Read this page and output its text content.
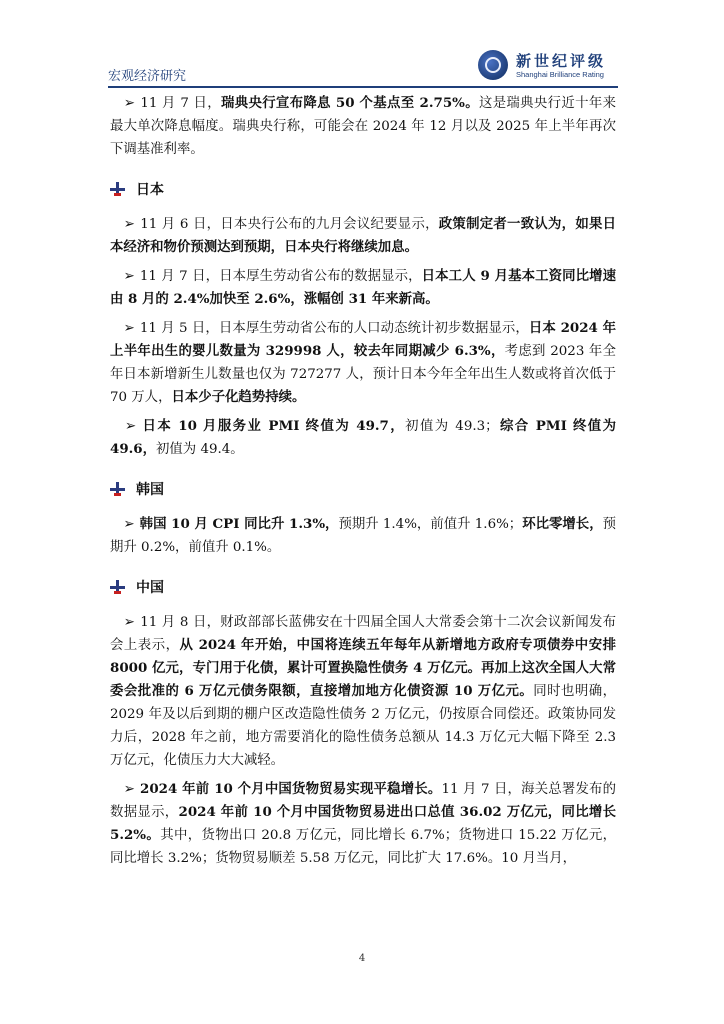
宏观经济研究
新世纪评级
Shanghai Brilliance Rating

　➢ 11 月 7 日，瑞典央行宣布降息 50 个基点至 2.75%。这是瑞典央行近十年来最大单次降息幅度。瑞典央行称，可能会在 2024 年 12 月以及 2025 年上半年再次下调基准利率。

日本

　➢ 11 月 6 日，日本央行公布的九月会议纪要显示，政策制定者一致认为，如果日本经济和物价预测达到预期，日本央行将继续加息。

　➢ 11 月 7 日，日本厚生劳动省公布的数据显示，日本工人 9 月基本工资同比增速由 8 月的 2.4%加快至 2.6%，涨幅创 31 年来新高。

　➢ 11 月 5 日，日本厚生劳动省公布的人口动态统计初步数据显示，日本 2024 年上半年出生的婴儿数量为 329998 人，较去年同期减少 6.3%，考虑到 2023 年全年日本新增新生儿数量也仅为 727277 人，预计日本今年全年出生人数或将首次低于 70 万人，日本少子化趋势持续。

　➢ 日本 10 月服务业 PMI 终值为 49.7，初值为 49.3；综合 PMI 终值为 49.6，初值为 49.4。

韩国

　➢ 韩国 10 月 CPI 同比升 1.3%，预期升 1.4%，前值升 1.6%；环比零增长，预期升 0.2%，前值升 0.1%。

中国

　➢ 11 月 8 日，财政部部长蓝佛安在十四届全国人大常委会第十二次会议新闻发布会上表示，从 2024 年开始，中国将连续五年每年从新增地方政府专项债券中安排 8000 亿元，专门用于化债，累计可置换隐性债务 4 万亿元。再加上这次全国人大常委会批准的 6 万亿元债务限额，直接增加地方化债资源 10 万亿元。同时也明确，2029 年及以后到期的棚户区改造隐性债务 2 万亿元，仍按原合同偿还。政策协同发力后，2028 年之前，地方需要消化的隐性债务总额从 14.3 万亿元大幅下降至 2.3 万亿元，化债压力大大减轻。

　➢ 2024 年前 10 个月中国货物贸易实现平稳增长。11 月 7 日，海关总署发布的数据显示，2024 年前 10 个月中国货物贸易进出口总值 36.02 万亿元，同比增长 5.2%。其中，货物出口 20.8 万亿元，同比增长 6.7%；货物进口 15.22 万亿元，同比增长 3.2%；货物贸易顺差 5.58 万亿元，同比扩大 17.6%。10 月当月，

4
